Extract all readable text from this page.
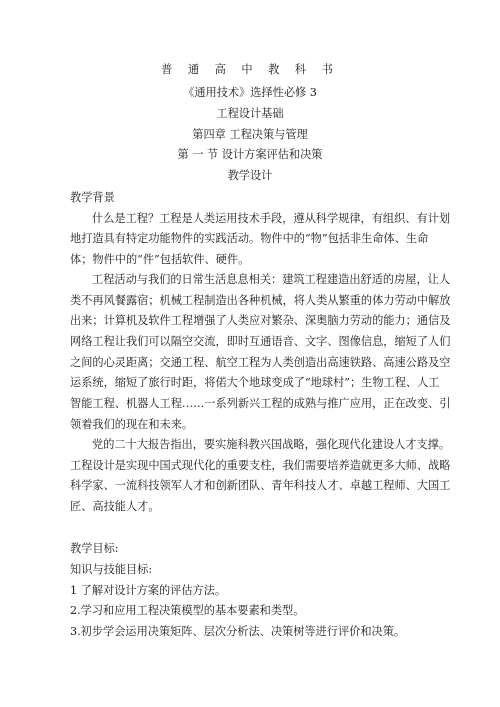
普 通 高 中 教 科 书
《通用技术》选择性必修 3
工程设计基础
第四章 工程决策与管理
第 一 节 设计方案评估和决策
教学设计
教学背景
什么是工程？工程是人类运用技术手段，遵从科学规律，有组织、有计划
地打造具有特定功能物件的实践活动。物件中的“物”包括非生命体、生命
体；物件中的“件”包括软件、硬件。
工程活动与我们的日常生活息息相关：建筑工程建造出舒适的房屋，让人
类不再风餐露宿；机械工程制造出各种机械，将人类从繁重的体力劳动中解放
出来；计算机及软件工程增强了人类应对繁杂、深奥脑力劳动的能力；通信及
网络工程让我们可以隔空交流，即时互通语音、文字、图像信息，缩短了人们
之间的心灵距离；交通工程、航空工程为人类创造出高速铁路、高速公路及空
运系统，缩短了旅行时距，将偌大个地球变成了“地球村”；生物工程、人工
智能工程、机器人工程……一系列新兴工程的成熟与推广应用，正在改变、引
领着我们的现在和未来。
党的二十大报告指出，要实施科教兴国战略，强化现代化建设人才支撑。
工程设计是实现中国式现代化的重要支柱，我们需要培养造就更多大师、战略
科学家、一流科技领军人才和创新团队、青年科技人才、卓越工程师、大国工
匠、高技能人才。
教学目标:
知识与技能目标:
1 了解对设计方案的评估方法。
2.学习和应用工程决策模型的基本要素和类型。
3.初步学会运用决策矩阵、层次分析法、决策树等进行评价和决策。
